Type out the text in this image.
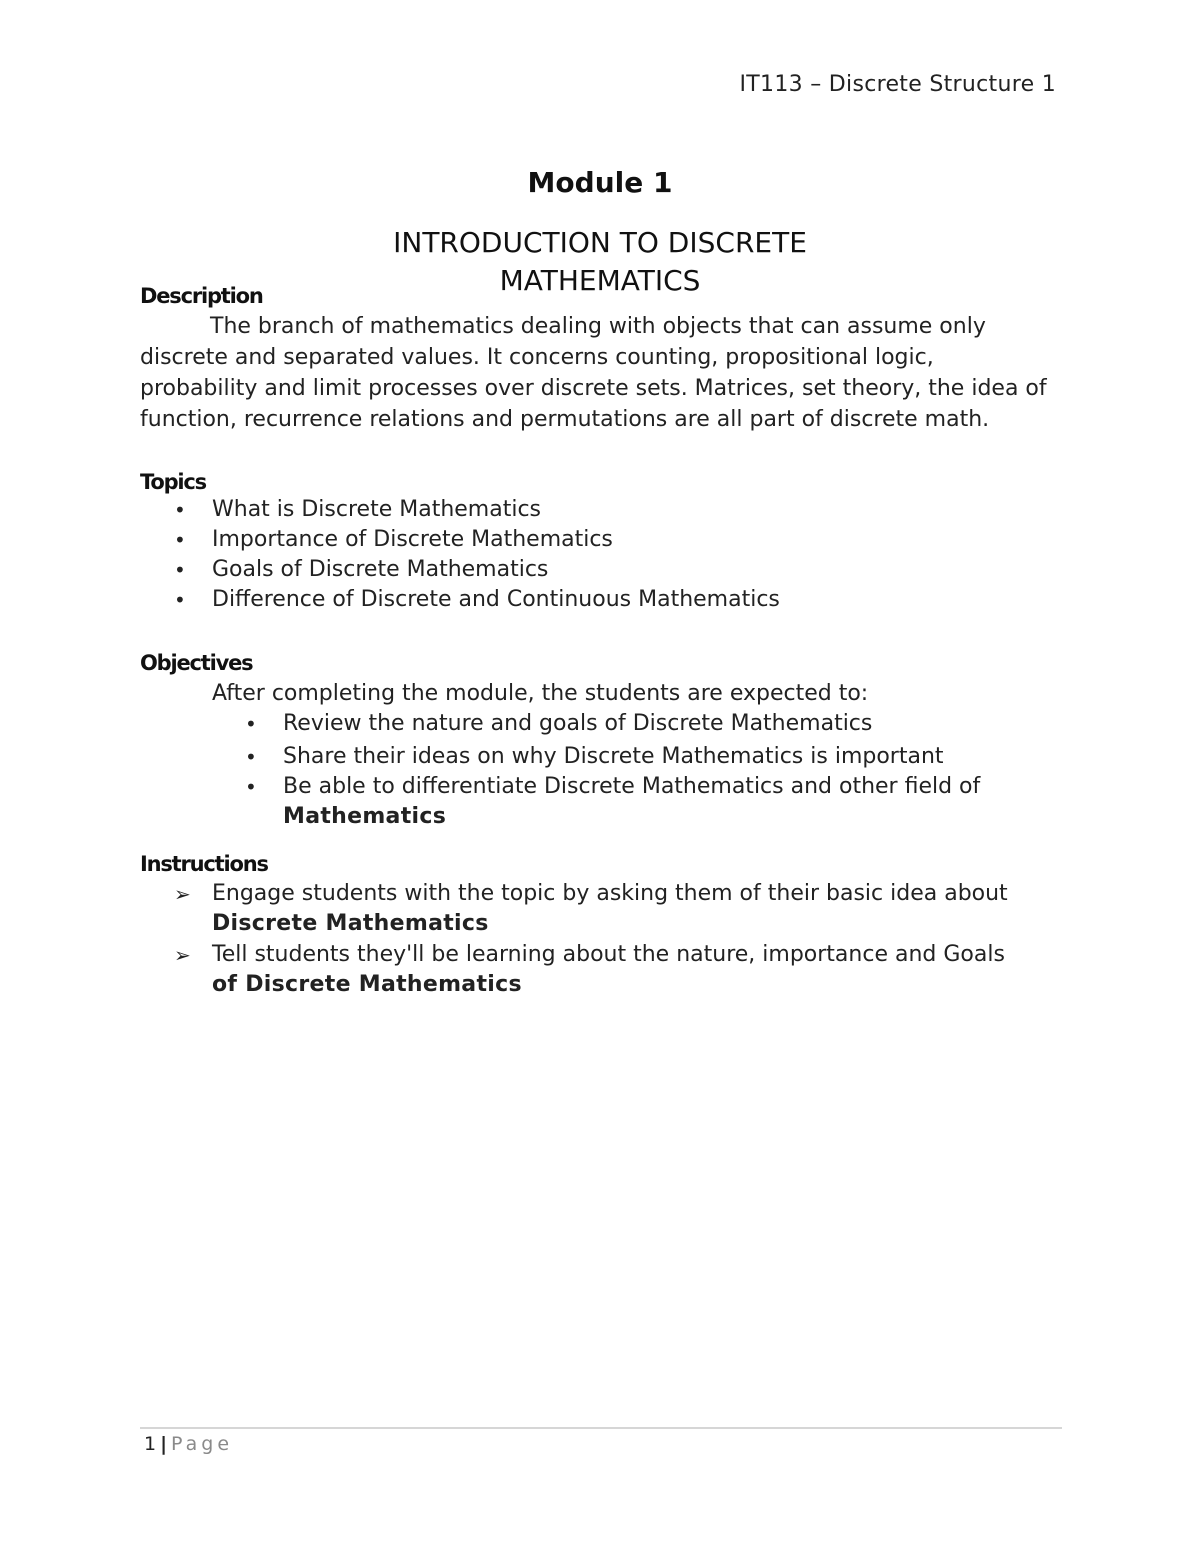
IT113 – Discrete Structure 1
Module 1
INTRODUCTION TO DISCRETE
MATHEMATICS
Description
The branch of mathematics dealing with objects that can assume only discrete and separated values. It concerns counting, propositional logic, probability and limit processes over discrete sets. Matrices, set theory, the idea of function, recurrence relations and permutations are all part of discrete math.
Topics
• What is Discrete Mathematics
• Importance of Discrete Mathematics
• Goals of Discrete Mathematics
• Difference of Discrete and Continuous Mathematics
Objectives
After completing the module, the students are expected to:
• Review the nature and goals of Discrete Mathematics
• Share their ideas on why Discrete Mathematics is important
• Be able to differentiate Discrete Mathematics and other field of
Mathematics
Instructions
➢ Engage students with the topic by asking them of their basic idea about
Discrete Mathematics
➢ Tell students they'll be learning about the nature, importance and Goals
of Discrete Mathematics
1 | Page
